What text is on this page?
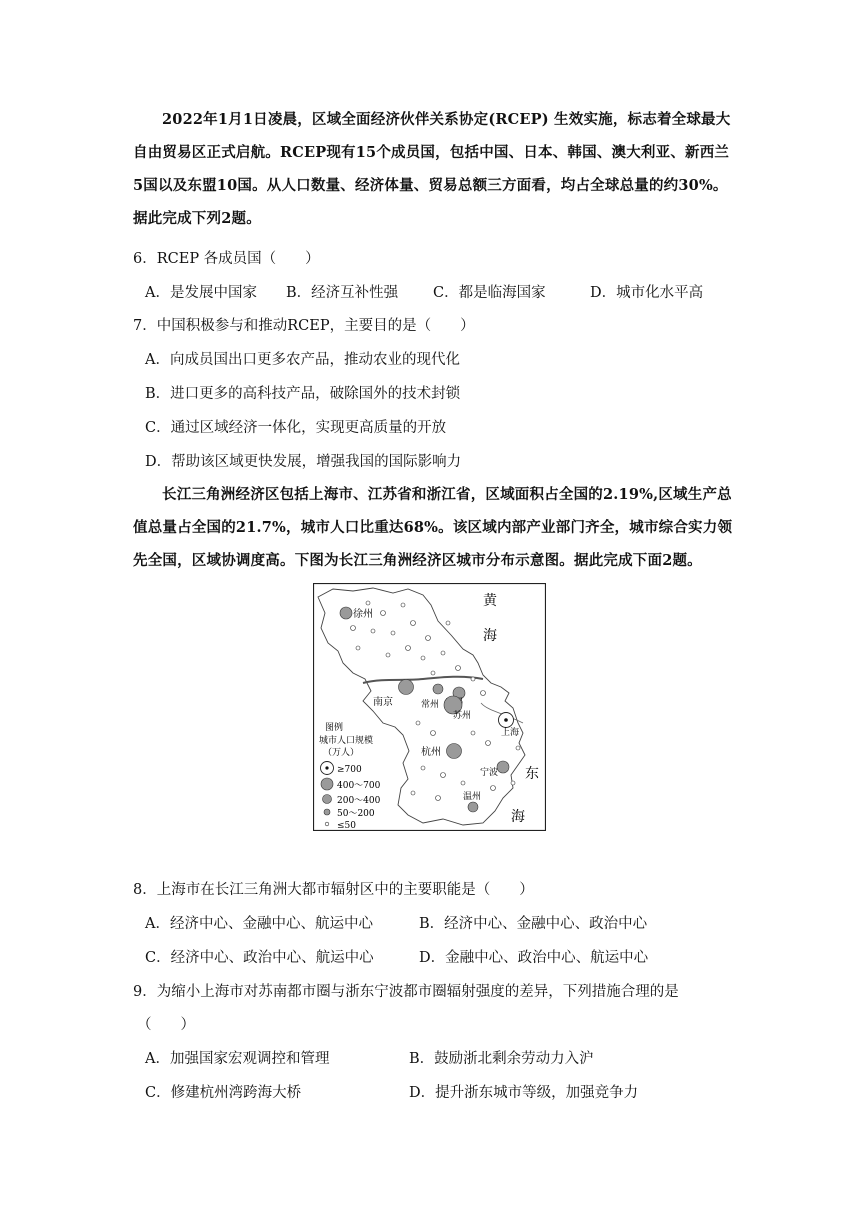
2022年1月1日凌晨，区域全面经济伙伴关系协定(RCEP) 生效实施，标志着全球最大自由贸易区正式启航。RCEP现有15个成员国，包括中国、日本、韩国、澳大利亚、新西兰5国以及东盟10国。从人口数量、经济体量、贸易总额三方面看，均占全球总量的约30%。据此完成下列2题。

6．RCEP 各成员国（　　）

A．是发展中国家 B．经济互补性强 C．都是临海国家	D．城市化水平高

7．中国积极参与和推动RCEP，主要目的是（　　）

A．向成员国出口更多农产品，推动农业的现代化

B．进口更多的高科技产品，破除国外的技术封锁

C．通过区域经济一体化，实现更高质量的开放

D．帮助该区域更快发展，增强我国的国际影响力

长江三角洲经济区包括上海市、江苏省和浙江省，区域面积占全国的2.19%,区域生产总值总量占全国的21.7%，城市人口比重达68%。该区域内部产业部门齐全，城市综合实力领先全国，区域协调度高。下图为长江三角洲经济区城市分布示意图。据此完成下面2题。

黄
海
东
海
徐州
南京	常州
苏州
上海
杭州
宁波
温州
图例
城市人口规模
（万人）
≥700
400～700
200～400
50～200
≤50

8．上海市在长江三角洲大都市辐射区中的主要职能是（　　）

A．经济中心、金融中心、航运中心	B．经济中心、金融中心、政治中心

C．经济中心、政治中心、航运中心	D．金融中心、政治中心、航运中心

9．为缩小上海市对苏南都市圈与浙东宁波都市圈辐射强度的差异，下列措施合理的是

（　　）

A．加强国家宏观调控和管理	B．鼓励浙北剩余劳动力入沪

C．修建杭州湾跨海大桥	D．提升浙东城市等级，加强竞争力
